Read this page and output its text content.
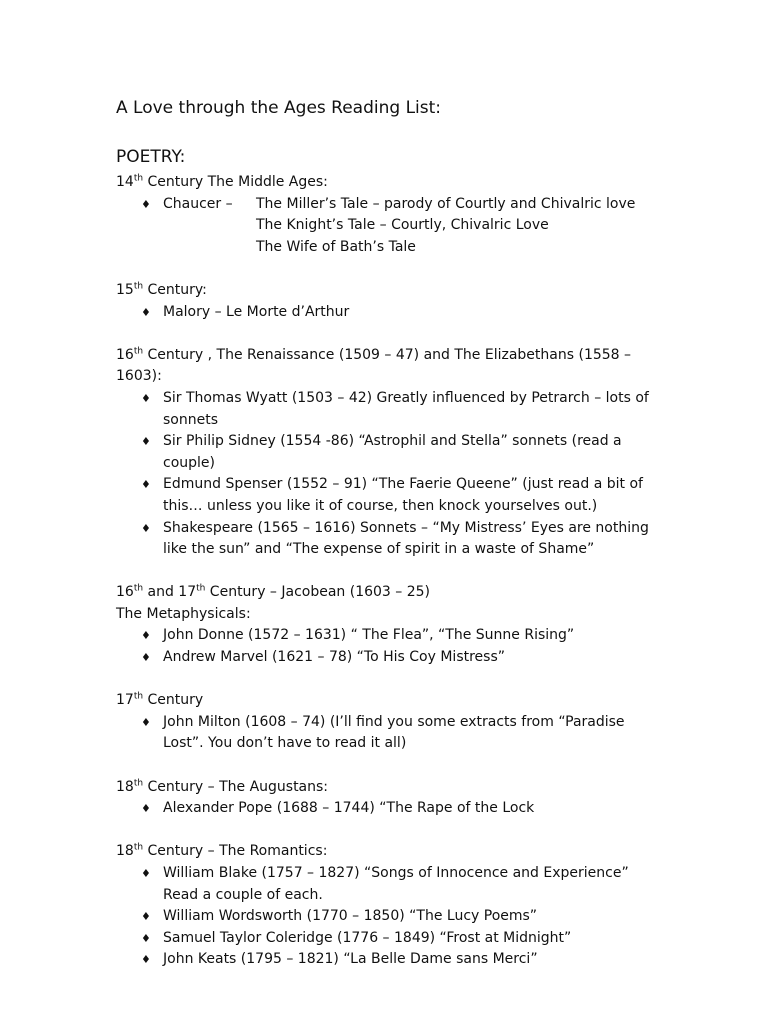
A Love through the Ages Reading List:
POETRY:
14th Century The Middle Ages:
♦ Chaucer –	The Miller’s Tale – parody of Courtly and Chivalric love
The Knight’s Tale – Courtly, Chivalric Love
The Wife of Bath’s Tale
15th Century:
♦ Malory – Le Morte d’Arthur
16th Century , The Renaissance (1509 – 47) and The Elizabethans (1558 – 1603):
♦ Sir Thomas Wyatt (1503 – 42) Greatly influenced by Petrarch – lots of sonnets
♦ Sir Philip Sidney (1554 -86) “Astrophil and Stella” sonnets (read a couple)
♦ Edmund Spenser (1552 – 91) “The Faerie Queene” (just read a bit of this… unless you like it of course, then knock yourselves out.)
♦ Shakespeare (1565 – 1616) Sonnets – “My Mistress’ Eyes are nothing like the sun” and “The expense of spirit in a waste of Shame”
16th and 17th Century – Jacobean (1603 – 25)
The Metaphysicals:
♦ John Donne (1572 – 1631) “ The Flea”, “The Sunne Rising”
♦ Andrew Marvel (1621 – 78) “To His Coy Mistress”
17th Century
♦ John Milton (1608 – 74) (I’ll find you some extracts from “Paradise Lost”. You don’t have to read it all)
18th Century – The Augustans:
♦ Alexander Pope (1688 – 1744) “The Rape of the Lock
18th Century – The Romantics:
♦ William Blake (1757 – 1827) “Songs of Innocence and Experience” Read a couple of each.
♦ William Wordsworth (1770 – 1850) “The Lucy Poems”
♦ Samuel Taylor Coleridge (1776 – 1849) “Frost at Midnight”
♦ John Keats (1795 – 1821) “La Belle Dame sans Merci”
